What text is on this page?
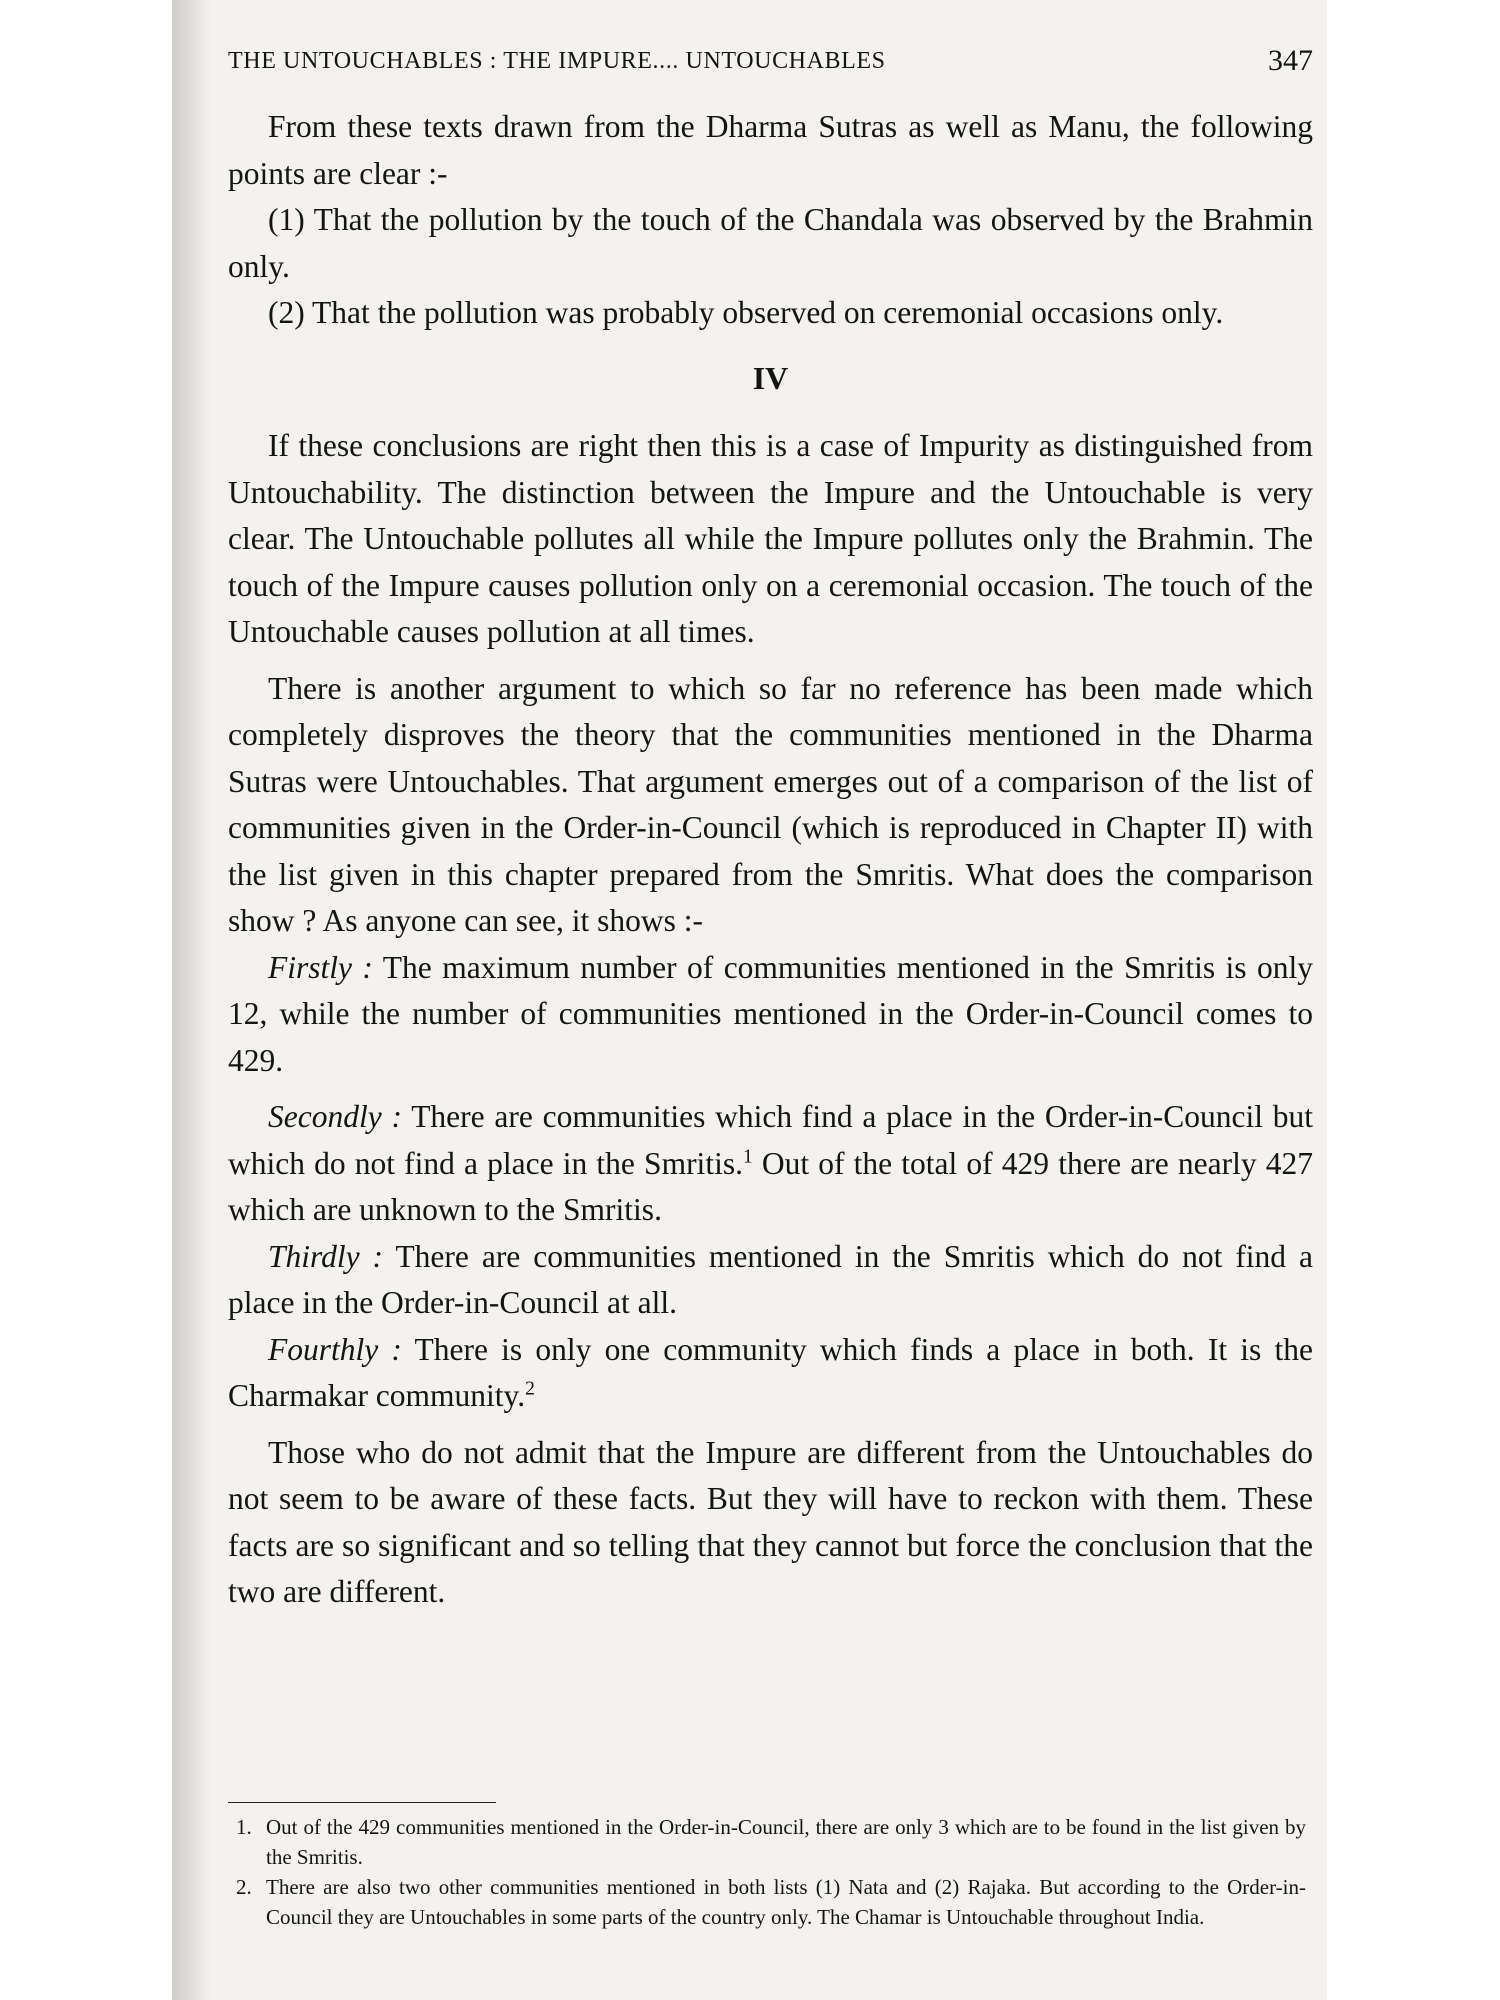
THE UNTOUCHABLES : THE IMPURE.... UNTOUCHABLES	347

From these texts drawn from the Dharma Sutras as well as Manu, the following points are clear :-

(1) That the pollution by the touch of the Chandala was observed by the Brahmin only.

(2) That the pollution was probably observed on ceremonial occasions only.

IV

If these conclusions are right then this is a case of Impurity as distinguished from Untouchability. The distinction between the Impure and the Untouchable is very clear. The Untouchable pollutes all while the Impure pollutes only the Brahmin. The touch of the Impure causes pollution only on a ceremonial occasion. The touch of the Untouchable causes pollution at all times.

There is another argument to which so far no reference has been made which completely disproves the theory that the communities mentioned in the Dharma Sutras were Untouchables. That argument emerges out of a comparison of the list of communities given in the Order-in-Council (which is reproduced in Chapter II) with the list given in this chapter prepared from the Smritis. What does the comparison show ? As anyone can see, it shows :-

Firstly : The maximum number of communities mentioned in the Smritis is only 12, while the number of communities mentioned in the Order-in-Council comes to 429.

Secondly : There are communities which find a place in the Order-in-Council but which do not find a place in the Smritis.$^1$ Out of the total of 429 there are nearly 427 which are unknown to the Smritis.

Thirdly : There are communities mentioned in the Smritis which do not find a place in the Order-in-Council at all.

Fourthly : There is only one community which finds a place in both. It is the Charmakar community.$^2$

Those who do not admit that the Impure are different from the Untouchables do not seem to be aware of these facts. But they will have to reckon with them. These facts are so significant and so telling that they cannot but force the conclusion that the two are different.

1. Out of the 429 communities mentioned in the Order-in-Council, there are only 3 which are to be found in the list given by the Smritis.
2. There are also two other communities mentioned in both lists (1) Nata and (2) Rajaka. But according to the Order-in-Council they are Untouchables in some parts of the country only. The Chamar is Untouchable throughout India.
